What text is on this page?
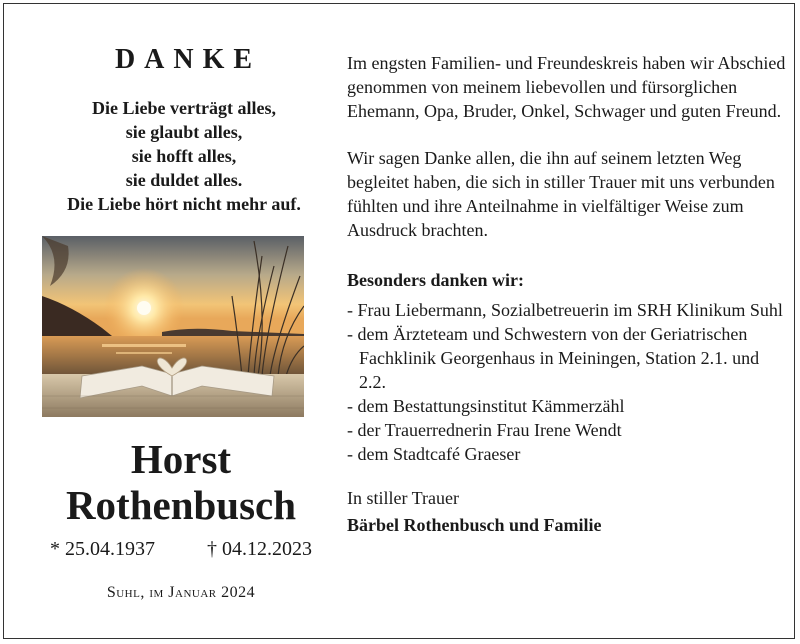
DANKE
Die Liebe verträgt alles,
sie glaubt alles,
sie hofft alles,
sie duldet alles.
Die Liebe hört nicht mehr auf.
Horst
Rothenbusch
* 25.04.1937	† 04.12.2023
Suhl, im Januar 2024

Im engsten Familien- und Freundeskreis haben wir Abschied genommen von meinem liebevollen und fürsorglichen Ehemann, Opa, Bruder, Onkel, Schwager und guten Freund.

Wir sagen Danke allen, die ihn auf seinem letzten Weg begleitet haben, die sich in stiller Trauer mit uns verbunden fühlten und ihre Anteilnahme in vielfältiger Weise zum Ausdruck brachten.

Besonders danken wir:

- Frau Liebermann, Sozialbetreuerin im SRH Klinikum Suhl
- dem Ärzteteam und Schwestern von der Geriatrischen Fachklinik Georgenhaus in Meiningen, Station 2.1. und 2.2.
- dem Bestattungsinstitut Kämmerzähl
- der Trauerrednerin Frau Irene Wendt
- dem Stadtcafé Graeser

In stiller Trauer

Bärbel Rothenbusch und Familie
